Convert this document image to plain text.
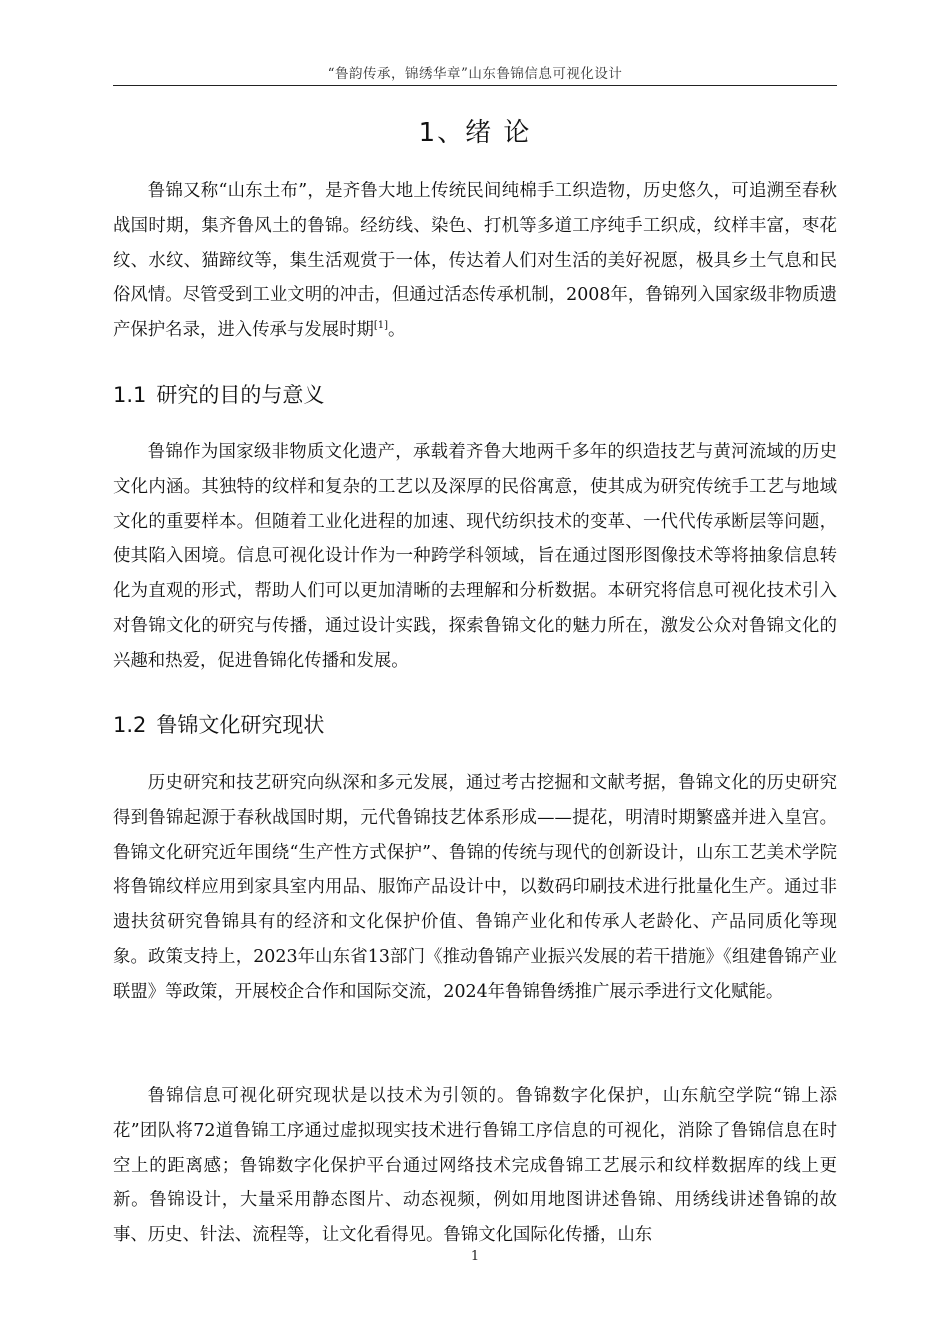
“鲁韵传承，锦绣华章”山东鲁锦信息可视化设计
1、绪 论
鲁锦又称“山东土布”，是齐鲁大地上传统民间纯棉手工织造物，历史悠久，可追溯至春秋战国时期，集齐鲁风土的鲁锦。经纺线、染色、打机等多道工序纯手工织成，纹样丰富，枣花纹、水纹、猫蹄纹等，集生活观赏于一体，传达着人们对生活的美好祝愿，极具乡土气息和民俗风情。尽管受到工业文明的冲击，但通过活态传承机制，2008年，鲁锦列入国家级非物质遗产保护名录，进入传承与发展时期[1]。
1.1 研究的目的与意义
鲁锦作为国家级非物质文化遗产，承载着齐鲁大地两千多年的织造技艺与黄河流域的历史文化内涵。其独特的纹样和复杂的工艺以及深厚的民俗寓意，使其成为研究传统手工艺与地域文化的重要样本。但随着工业化进程的加速、现代纺织技术的变革、一代代传承断层等问题，使其陷入困境。信息可视化设计作为一种跨学科领域，旨在通过图形图像技术等将抽象信息转化为直观的形式，帮助人们可以更加清晰的去理解和分析数据。本研究将信息可视化技术引入对鲁锦文化的研究与传播，通过设计实践，探索鲁锦文化的魅力所在，激发公众对鲁锦文化的兴趣和热爱，促进鲁锦化传播和发展。
1.2 鲁锦文化研究现状
历史研究和技艺研究向纵深和多元发展，通过考古挖掘和文献考据，鲁锦文化的历史研究得到鲁锦起源于春秋战国时期，元代鲁锦技艺体系形成——提花，明清时期繁盛并进入皇宫。鲁锦文化研究近年围绕“生产性方式保护”、鲁锦的传统与现代的创新设计，山东工艺美术学院将鲁锦纹样应用到家具室内用品、服饰产品设计中，以数码印刷技术进行批量化生产。通过非遗扶贫研究鲁锦具有的经济和文化保护价值、鲁锦产业化和传承人老龄化、产品同质化等现象。政策支持上，2023年山东省13部门《推动鲁锦产业振兴发展的若干措施》《组建鲁锦产业联盟》等政策，开展校企合作和国际交流，2024年鲁锦鲁绣推广展示季进行文化赋能。
鲁锦信息可视化研究现状是以技术为引领的。鲁锦数字化保护，山东航空学院“锦上添花”团队将72道鲁锦工序通过虚拟现实技术进行鲁锦工序信息的可视化，消除了鲁锦信息在时空上的距离感；鲁锦数字化保护平台通过网络技术完成鲁锦工艺展示和纹样数据库的线上更新。鲁锦设计，大量采用静态图片、动态视频，例如用地图讲述鲁锦、用绣线讲述鲁锦的故事、历史、针法、流程等，让文化看得见。鲁锦文化国际化传播，山东
1
